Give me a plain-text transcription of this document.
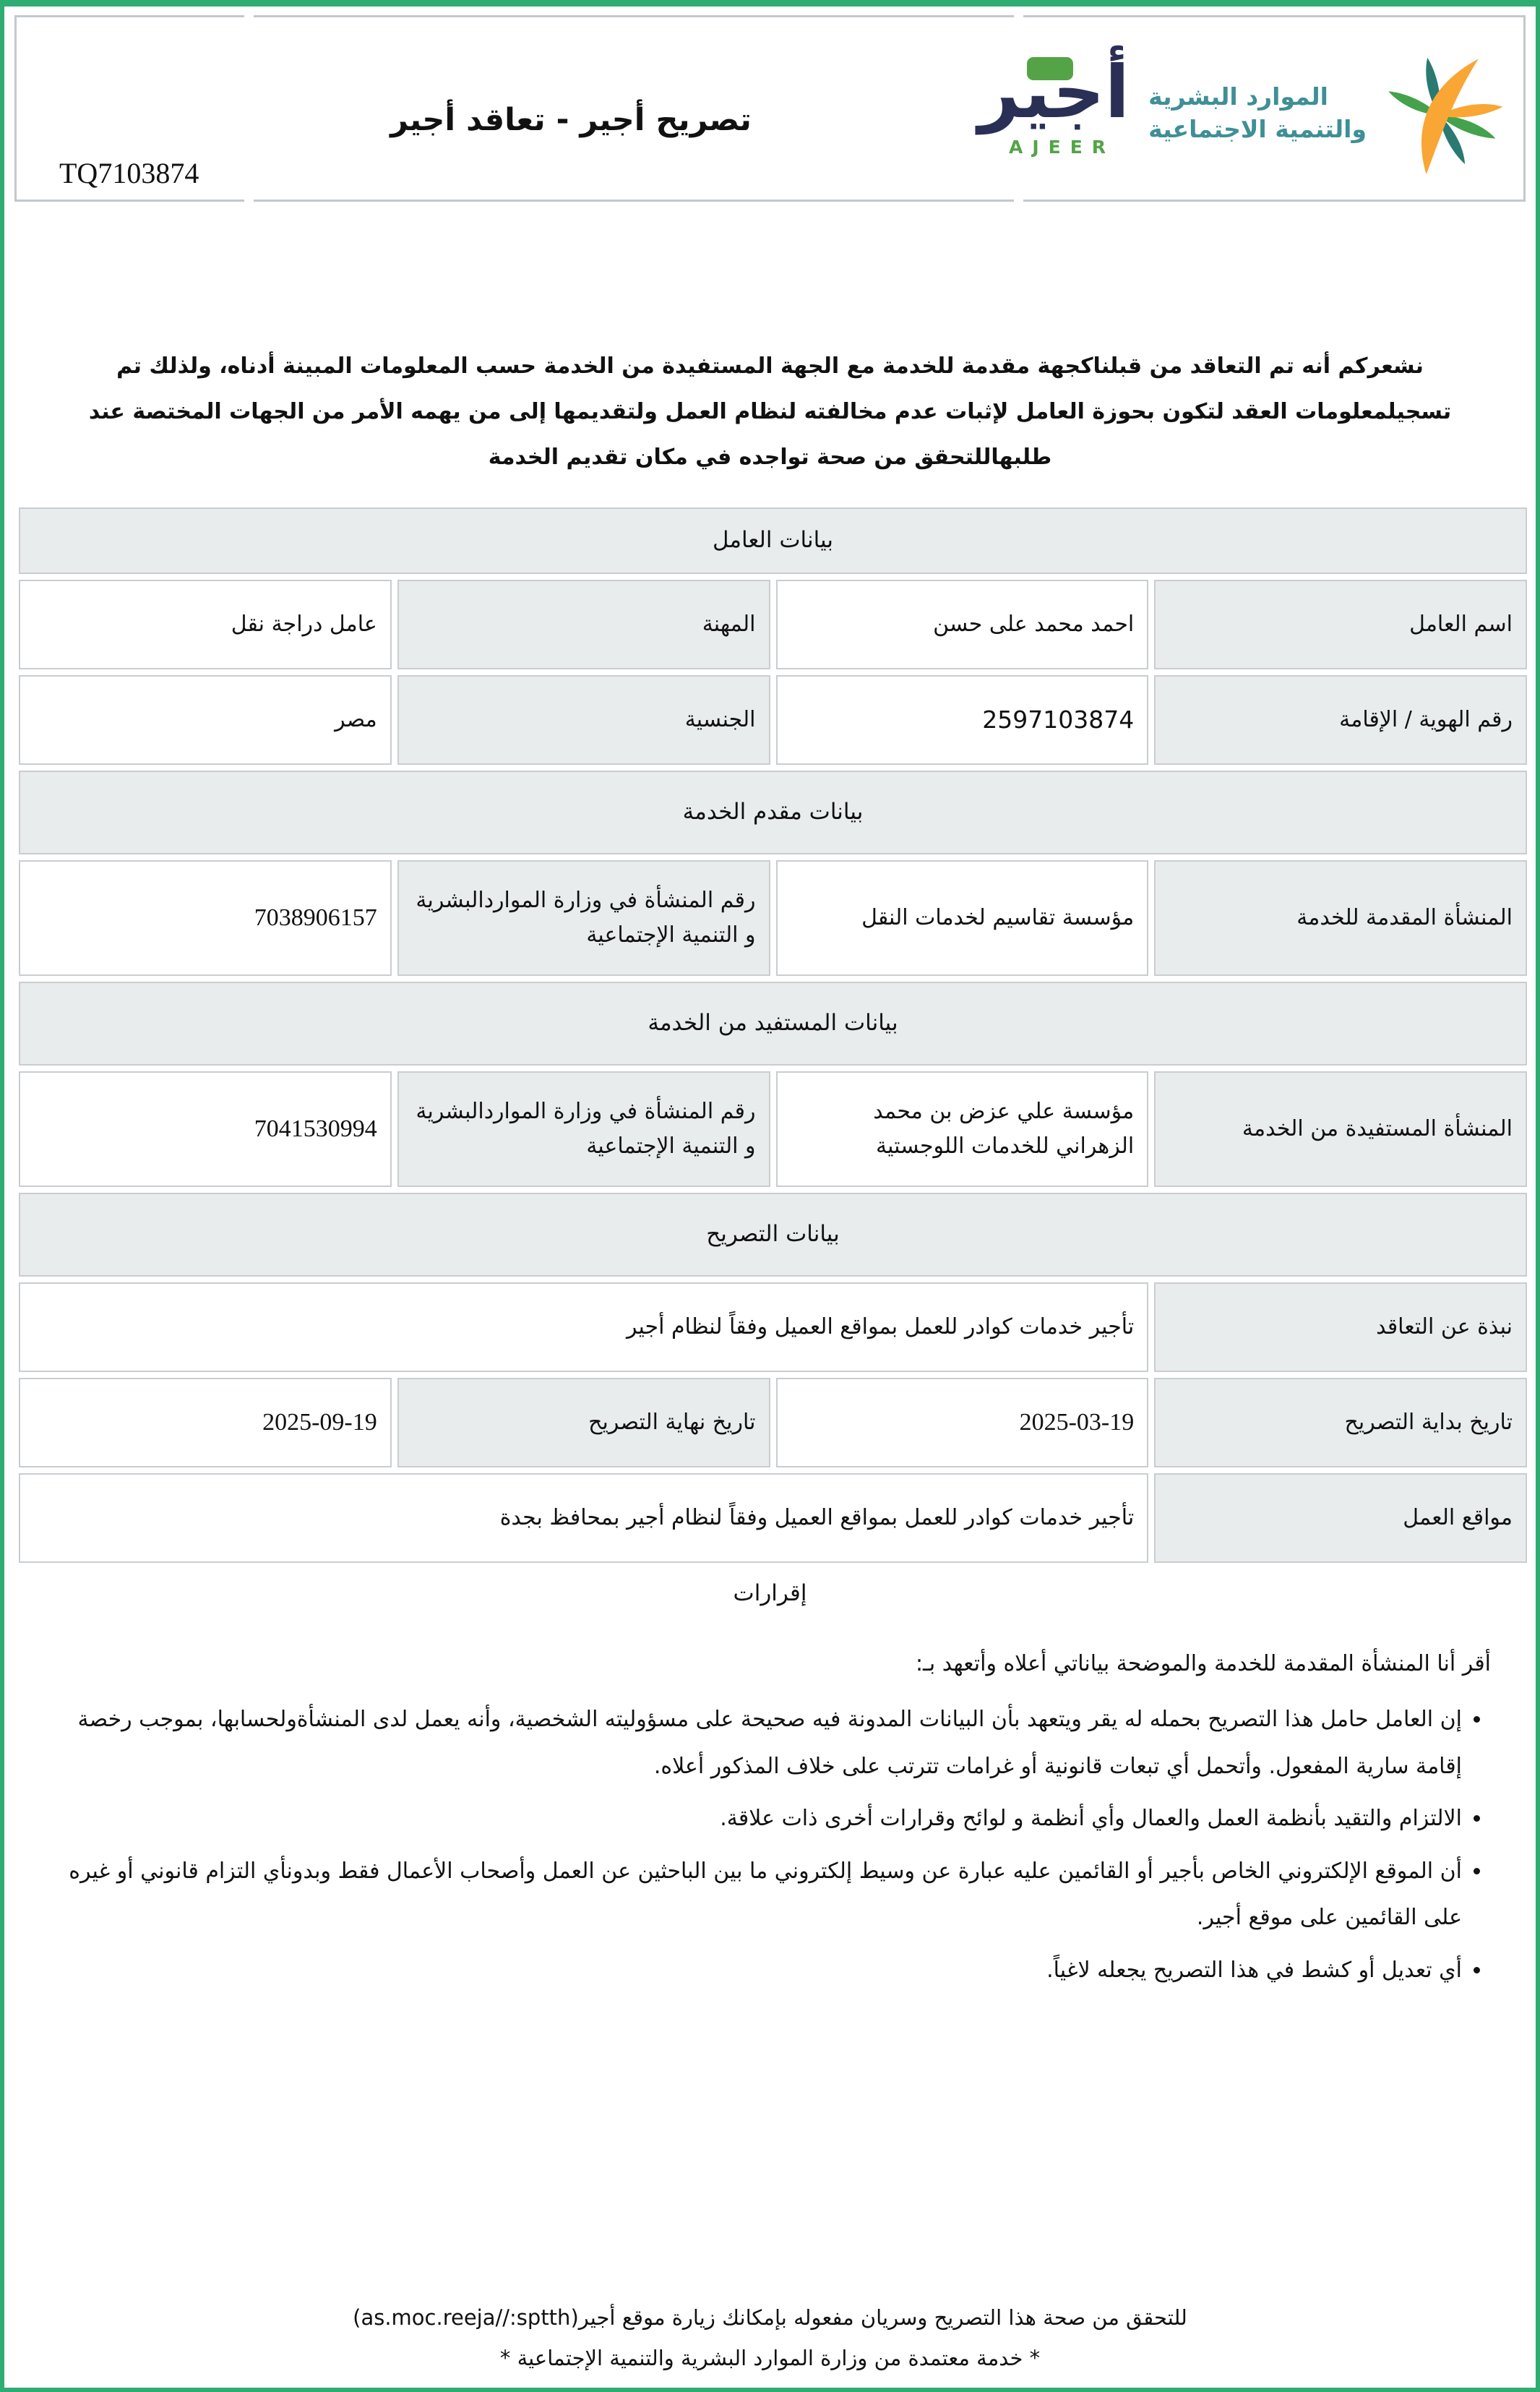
تصريح أجير - تعاقد أجير
TQ7103874
أجير
AJEER
الموارد البشرية
والتنمية الاجتماعية

نشعركم أنه تم التعاقد من قبلناكجهة مقدمة للخدمة مع الجهة المستفيدة من الخدمة حسب المعلومات المبينة أدناه، ولذلك تم تسجيلمعلومات العقد لتكون بحوزة العامل لإثبات عدم مخالفته لنظام العمل ولتقديمها إلى من يهمه الأمر من الجهات المختصة عند طلبهاللتحقق من صحة تواجده في مكان تقديم الخدمة

بيانات العامل			
اسم العامل	احمد محمد على حسن	المهنة	عامل دراجة نقل
رقم الهوية / الإقامة	2597103874	الجنسية	مصر
بيانات مقدم الخدمة			
المنشأة المقدمة للخدمة	مؤسسة تقاسيم لخدمات النقل	رقم المنشأة في وزارة المواردالبشرية و التنمية الإجتماعية	7038906157
بيانات المستفيد من الخدمة			
المنشأة المستفيدة من الخدمة	مؤسسة علي عزض بن محمد الزهراني للخدمات اللوجستية	رقم المنشأة في وزارة المواردالبشرية و التنمية الإجتماعية	7041530994
بيانات التصريح			
نبذة عن التعاقد	تأجير خدمات كوادر للعمل بمواقع العميل وفقاً لنظام أجير		
تاريخ بداية التصريح	2025-03-19	تاريخ نهاية التصريح	2025-09-19
مواقع العمل	تأجير خدمات كوادر للعمل بمواقع العميل وفقاً لنظام أجير بمحافظ بجدة		
إقرارات

أقر أنا المنشأة المقدمة للخدمة والموضحة بياناتي أعلاه وأتعهد بـ:

• إن العامل حامل هذا التصريح بحمله له يقر ويتعهد بأن البيانات المدونة فيه صحيحة على مسؤوليته الشخصية، وأنه يعمل لدى المنشأةولحسابها، بموجب رخصة إقامة سارية المفعول. وأتحمل أي تبعات قانونية أو غرامات تترتب على خلاف المذكور أعلاه.
• الالتزام والتقيد بأنظمة العمل والعمال وأي أنظمة و لوائح وقرارات أخرى ذات علاقة.
• أن الموقع الإلكتروني الخاص بأجير أو القائمين عليه عبارة عن وسيط إلكتروني ما بين الباحثين عن العمل وأصحاب الأعمال فقط وبدونأي التزام قانوني أو غيره على القائمين على موقع أجير.
• أي تعديل أو كشط في هذا التصريح يجعله لاغياً.
للتحقق من صحة هذا التصريح وسريان مفعوله بإمكانك زيارة موقع أجير(as.moc.reeja//:sptth)
* خدمة معتمدة من وزارة الموارد البشرية والتنمية الإجتماعية *
